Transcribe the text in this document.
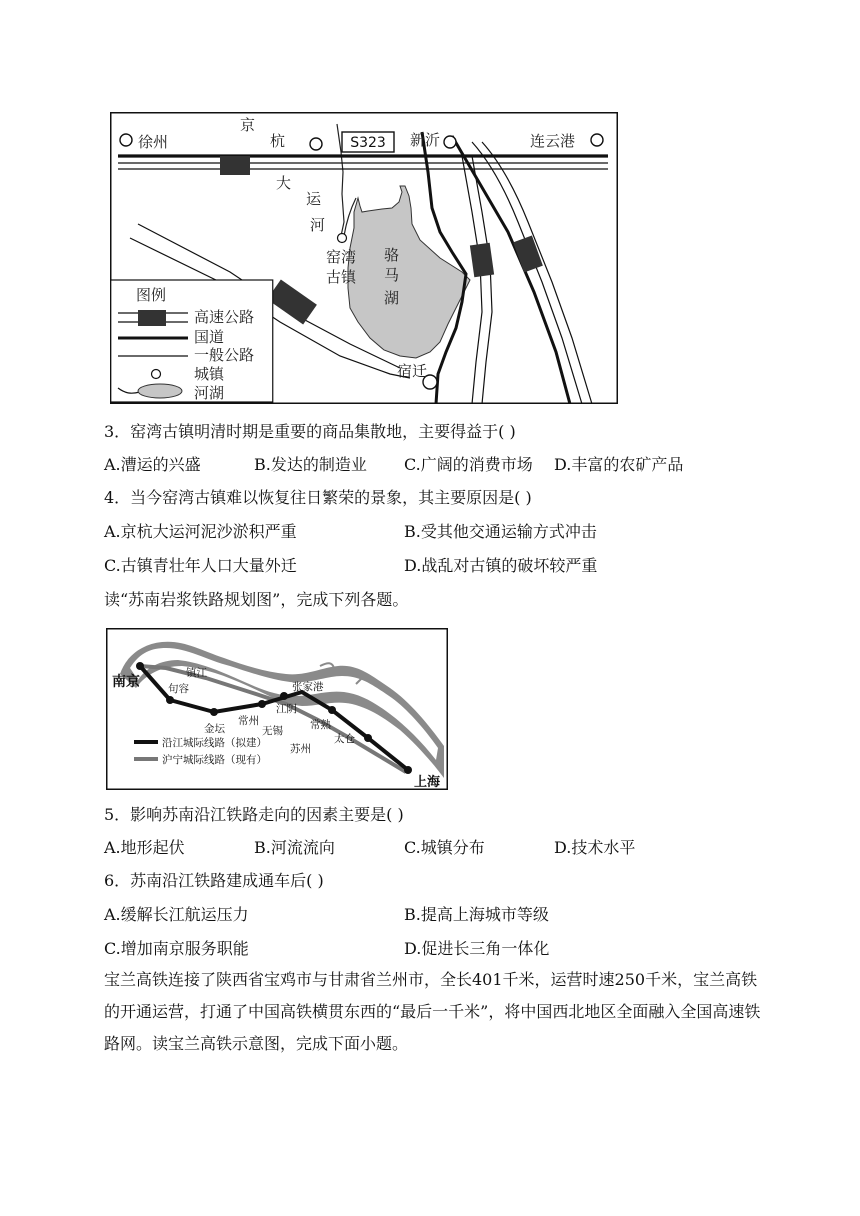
S323
徐州	新沂	连云港
宿迁
京
杭
大
运
河
窑湾
古镇
骆
马
湖
图例
高速公路
国道
一般公路
城镇
河湖
3．窑湾古镇明清时期是重要的商品集散地，主要得益于( )
A.漕运的兴盛	B.发达的制造业 C.广阔的消费市场 D.丰富的农矿产品
4．当今窑湾古镇难以恢复往日繁荣的景象，其主要原因是( )
A.京杭大运河泥沙淤积严重	B.受其他交通运输方式冲击
C.古镇青壮年人口大量外迁	D.战乱对古镇的破坏较严重
读“苏南岩浆铁路规划图”，完成下列各题。
南京
镇江
句容
金坛
常州
无锡
江阴
张家港
常熟
苏州
太仓
上海
沿江城际线路（拟建）
沪宁城际线路（现有）
5．影响苏南沿江铁路走向的因素主要是( )
A.地形起伏	B.河流流向	C.城镇分布	D.技术水平
6．苏南沿江铁路建成通车后( )
A.缓解长江航运压力	B.提高上海城市等级
C.增加南京服务职能	D.促进长三角一体化
宝兰高铁连接了陕西省宝鸡市与甘肃省兰州市，全长401千米，运营时速250千米，宝兰高铁的开通运营，打通了中国高铁横贯东西的“最后一千米”，将中国西北地区全面融入全国高速铁路网。读宝兰高铁示意图，完成下面小题。
